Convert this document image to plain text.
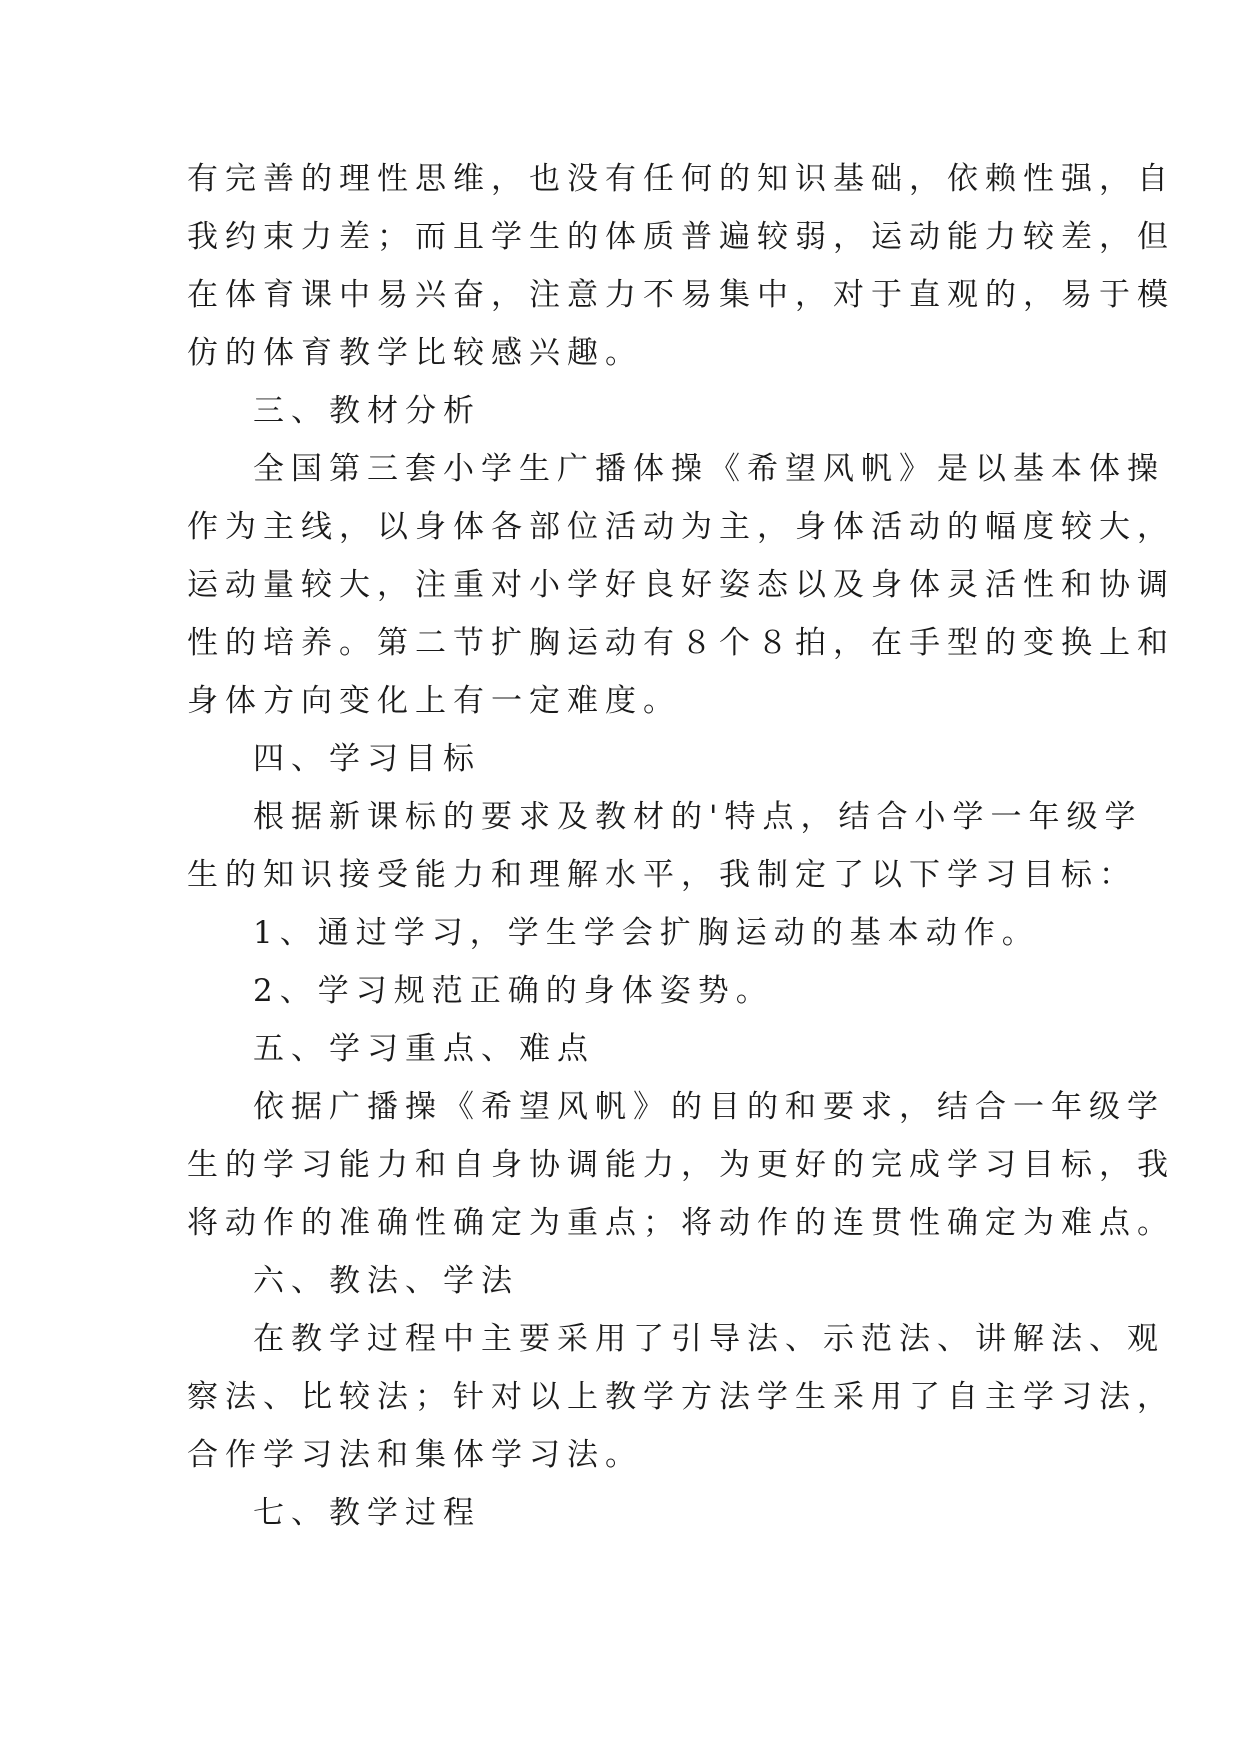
有完善的理性思维，也没有任何的知识基础，依赖性强，自
我约束力差；而且学生的体质普遍较弱，运动能力较差，但
在体育课中易兴奋，注意力不易集中，对于直观的，易于模
仿的体育教学比较感兴趣。
三、教材分析
全国第三套小学生广播体操《希望风帆》是以基本体操
作为主线，以身体各部位活动为主，身体活动的幅度较大，
运动量较大，注重对小学好良好姿态以及身体灵活性和协调
性的培养。第二节扩胸运动有８个８拍，在手型的变换上和
身体方向变化上有一定难度。
四、学习目标
根据新课标的要求及教材的'特点，结合小学一年级学
生的知识接受能力和理解水平，我制定了以下学习目标：
1、通过学习，学生学会扩胸运动的基本动作。
2、学习规范正确的身体姿势。
五、学习重点、难点
依据广播操《希望风帆》的目的和要求，结合一年级学
生的学习能力和自身协调能力，为更好的完成学习目标，我
将动作的准确性确定为重点；将动作的连贯性确定为难点。
六、教法、学法
在教学过程中主要采用了引导法、示范法、讲解法、观
察法、比较法；针对以上教学方法学生采用了自主学习法，
合作学习法和集体学习法。
七、教学过程
